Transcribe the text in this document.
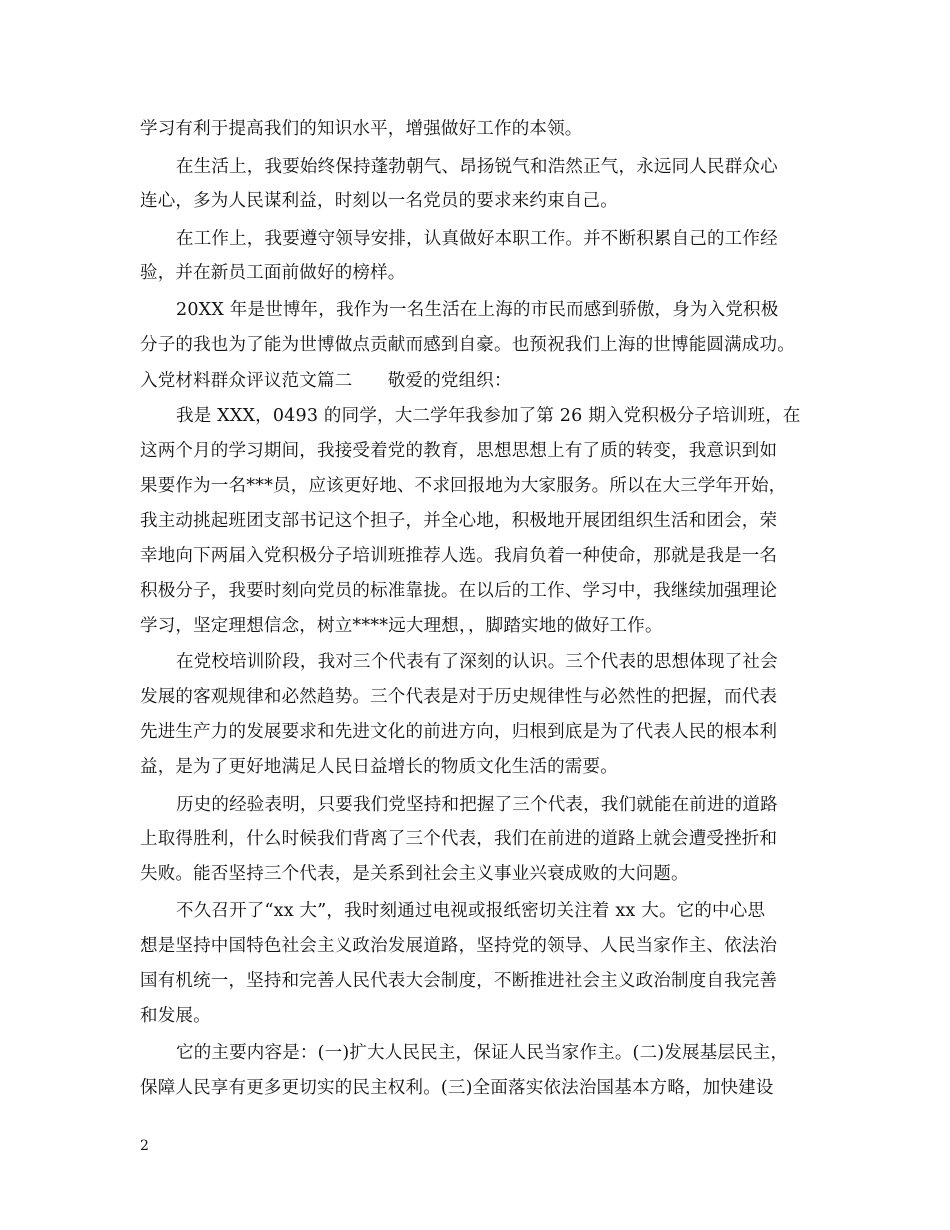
学习有利于提高我们的知识水平，增强做好工作的本领。
在生活上，我要始终保持蓬勃朝气、昂扬锐气和浩然正气，永远同人民群众心
连心，多为人民谋利益，时刻以一名党员的要求来约束自己。
在工作上，我要遵守领导安排，认真做好本职工作。并不断积累自己的工作经
验，并在新员工面前做好的榜样。
20XX 年是世博年，我作为一名生活在上海的市民而感到骄傲，身为入党积极
分子的我也为了能为世博做点贡献而感到自豪。也预祝我们上海的世博能圆满成功。
入党材料群众评议范文篇二　　敬爱的党组织：
我是 XXX，0493 的同学，大二学年我参加了第 26 期入党积极分子培训班，在
这两个月的学习期间，我接受着党的教育，思想思想上有了质的转变，我意识到如
果要作为一名***员，应该更好地、不求回报地为大家服务。所以在大三学年开始，
我主动挑起班团支部书记这个担子，并全心地，积极地开展团组织生活和团会，荣
幸地向下两届入党积极分子培训班推荐人选。我肩负着一种使命，那就是我是一名
积极分子，我要时刻向党员的标准靠拢。在以后的工作、学习中，我继续加强理论
学习，坚定理想信念，树立****远大理想，，脚踏实地的做好工作。
在党校培训阶段，我对三个代表有了深刻的认识。三个代表的思想体现了社会
发展的客观规律和必然趋势。三个代表是对于历史规律性与必然性的把握，而代表
先进生产力的发展要求和先进文化的前进方向，归根到底是为了代表人民的根本利
益，是为了更好地满足人民日益增长的物质文化生活的需要。
历史的经验表明，只要我们党坚持和把握了三个代表，我们就能在前进的道路
上取得胜利，什么时候我们背离了三个代表，我们在前进的道路上就会遭受挫折和
失败。能否坚持三个代表，是关系到社会主义事业兴衰成败的大问题。
不久召开了“xx 大”，我时刻通过电视或报纸密切关注着 xx 大。它的中心思
想是坚持中国特色社会主义政治发展道路，坚持党的领导、人民当家作主、依法治
国有机统一，坚持和完善人民代表大会制度，不断推进社会主义政治制度自我完善
和发展。
它的主要内容是：(一)扩大人民民主，保证人民当家作主。(二)发展基层民主，
保障人民享有更多更切实的民主权利。(三)全面落实依法治国基本方略，加快建设
2
